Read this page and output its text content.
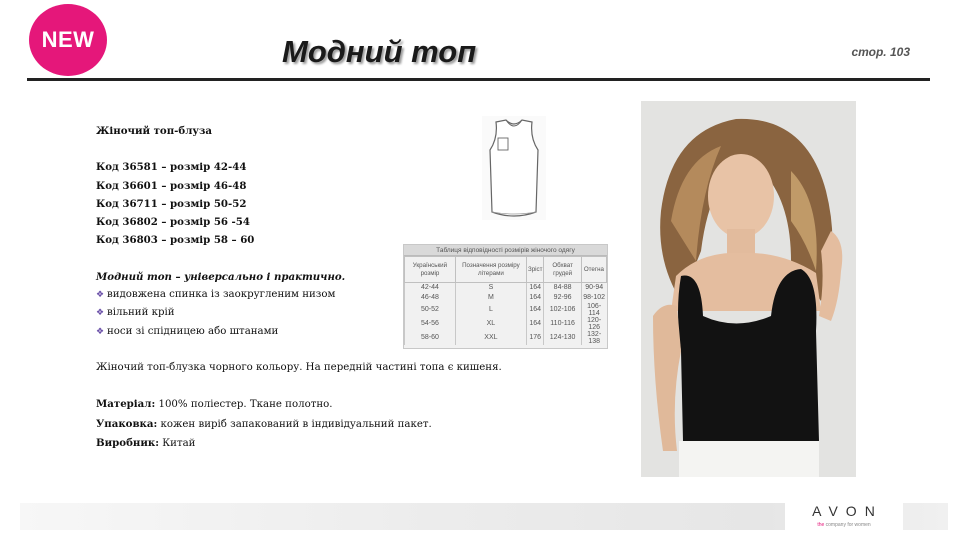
NEW	Модний топ	стор. 103
Жіночий топ-блуза
Код 36581 – розмір 42-44
Код 36601 – розмір 46-48
Код 36711 – розмір 50-52
Код 36802 – розмір 56 -54
Код 36803 – розмір 58 – 60
Модний топ – універсально і практично.
❖ видовжена спинка із заокругленим низом
❖ вільний крій
❖ носи зі спідницею або штанами
Жіночий топ-блузка чорного кольору. На передній частині топа є кишеня.
Матеріал: 100% поліестер. Тканe полотно.
Упаковка: кожен виріб запакований в індивідуальний пакет.
Виробник: Китай
Таблиця відповідності розмірів жіночого одягу
Український розмір	Позначення розміру літерами	Зріст	Обхват грудей	Отегна
42-44	S	164	84-88	90-94
46-48	M	164	92-96	98-102
50-52	L	164	102-106	106-114
54-56	XL	164	110-116	120-126
58-60	XXL	176	124-130	132-138
AVON
the company for women
